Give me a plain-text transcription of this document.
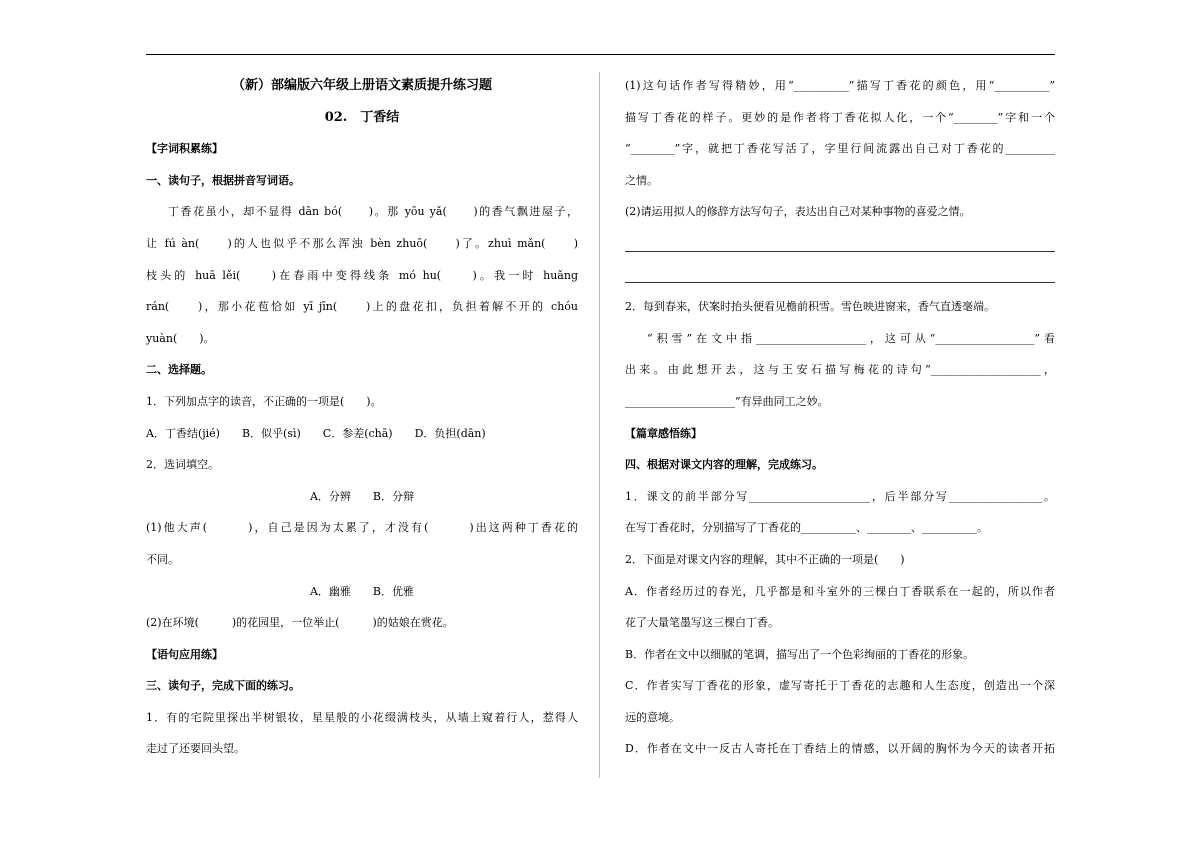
（新）部编版六年级上册语文素质提升练习题
02.　丁香结
【字词积累练】
一、读句子，根据拼音写词语。
丁香花虽小，却不显得 dān bó(　　)。那 yōu yǎ(　　)的香气飘进屋子，
让 fú àn(　　)的人也似乎不那么浑浊 bèn zhuō(　　)了。zhuì mǎn(　　)
枝头的 huā lěi(　　)在春雨中变得线条 mó hu(　　)。我一时 huǎng
rán(　　)，那小花苞恰如 yī jīn(　　)上的盘花扣，负担着解不开的 chóu
yuàn(　　)。
二、选择题。
1．下列加点字的读音，不正确的一项是(　　)。
A．丁香结(jié)　　B．似乎(sì)　　C．参差(chā)　　D．负担(dān)
2．选词填空。
A．分辨　　B．分辩
(1)他大声(　　　)，自己是因为太累了，才没有(　　　)出这两种丁香花的
不同。
A．幽雅　　B．优雅
(2)在环境(　　　)的花园里，一位举止(　　　)的姑娘在赏花。
【语句应用练】
三、读句子，完成下面的练习。
1．有的宅院里探出半树银妆，星星般的小花缀满枝头，从墙上窥着行人，惹得人
走过了还要回头望。
(1)这句话作者写得精妙，用“__________”描写丁香花的颜色，用“__________”
描写丁香花的样子。更妙的是作者将丁香花拟人化，一个“________”字和一个
“________”字，就把丁香花写活了，字里行间流露出自己对丁香花的_________
之情。
(2)请运用拟人的修辞方法写句子，表达出自己对某种事物的喜爱之情。
2．每到春来，伏案时抬头便看见檐前积雪。雪色映进窗来，香气直透毫端。
“积雪”在文中指____________________，这可从“__________________”看
出来。由此想开去，这与王安石描写梅花的诗句“____________________，
____________________”有异曲同工之妙。
【篇章感悟练】
四、根据对课文内容的理解，完成练习。
1．课文的前半部分写______________________，后半部分写_________________。
在写丁香花时，分别描写了丁香花的__________、________、__________。
2．下面是对课文内容的理解，其中不正确的一项是(　　)
A．作者经历过的春光，几乎都是和斗室外的三棵白丁香联系在一起的，所以作者
花了大量笔墨写这三棵白丁香。
B．作者在文中以细腻的笔调，描写出了一个色彩绚丽的丁香花的形象。
C．作者实写丁香花的形象，虚写寄托于丁香花的志趣和人生态度，创造出一个深
远的意境。
D．作者在文中一反古人寄托在丁香结上的情感，以开阔的胸怀为今天的读者开拓
